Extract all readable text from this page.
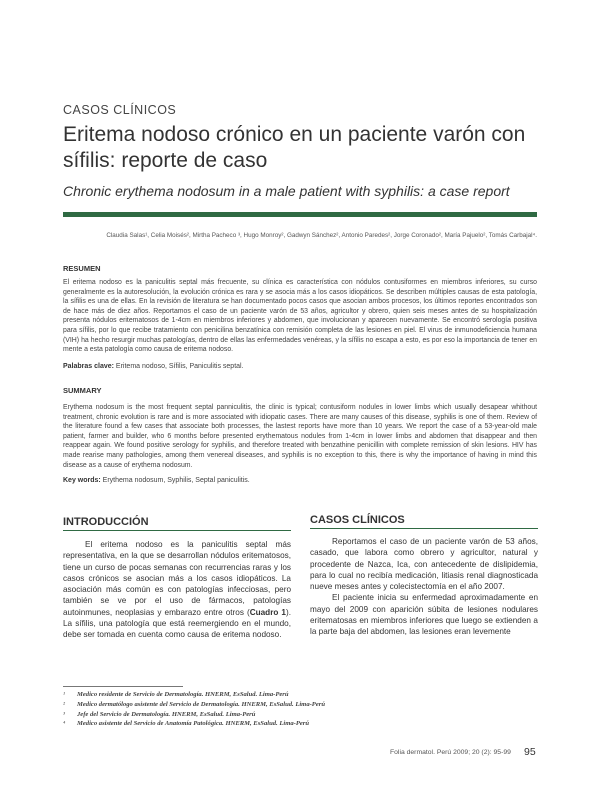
CASOS CLÍNICOS
Eritema nodoso crónico en un paciente varón con sífilis: reporte de caso
Chronic erythema nodosum in a male patient with syphilis: a case report
Claudia Salas¹, Celia Moisés², Mirtha Pacheco ³, Hugo Monroy², Gadwyn Sánchez², Antonio Paredes², Jorge Coronado², María Pajuelo², Tomás Carbajal⁴.
RESUMEN
El eritema nodoso es la paniculitis septal más frecuente, su clínica es característica con nódulos contusiformes en miembros inferiores, su curso generalmente es la autoresolución, la evolución crónica es rara y se asocia más a los casos idiopáticos. Se describen múltiples causas de esta patología, la sífilis es una de ellas. En la revisión de literatura se han documentado pocos casos que asocian ambos procesos, los últimos reportes encontrados son de hace más de diez años. Reportamos el caso de un paciente varón de 53 años, agricultor y obrero, quien seis meses antes de su hospitalización presenta nódulos eritematosos de 1-4cm en miembros inferiores y abdomen, que involucionan y aparecen nuevamente. Se encontró serología positiva para sífilis, por lo que recibe tratamiento con penicilina benzatínica con remisión completa de las lesiones en piel. El virus de inmunodeficiencia humana (VIH) ha hecho resurgir muchas patologías, dentro de ellas las enfermedades venéreas, y la sífilis no escapa a esto, es por eso la importancia de tener en mente a esta patología como causa de eritema nodoso.
Palabras clave: Eritema nodoso, Sífilis, Paniculitis septal.
SUMMARY
Erythema nodosum is the most frequent septal panniculitis, the clinic is typical; contusiform nodules in lower limbs which usually desapear whithout treatment, chronic evolution is rare and is more associated with idiopatic cases. There are many causes of this disease, syphilis is one of them. Review of the literature found a few cases that associate both processes, the lastest reports have more than 10 years. We report the case of a 53-year-old male patient, farmer and builder, who 6 months before presented erythematous nodules from 1-4cm in lower limbs and abdomen that disappear and then reappear again. We found positive serology for syphilis, and therefore treated with benzathine penicillin with complete remission of skin lesions. HIV has made rearise many pathologies, among them venereal diseases, and syphilis is no exception to this, there is why the importance of having in mind this disease as a cause of erythema nodosum.
Key words: Erythema nodosum, Syphilis, Septal paniculitis.
INTRODUCCIÓN

El eritema nodoso es la paniculitis septal más representativa, en la que se desarrollan nódulos eritematosos, tiene un curso de pocas semanas con recurrencias raras y los casos crónicos se asocian más a los casos idiopáticos. La asociación más común es con patologías infecciosas, pero también se ve por el uso de fármacos, patologías autoinmunes, neoplasias y embarazo entre otros (Cuadro 1). La sífilis, una patología que está reemergiendo en el mundo, debe ser tomada en cuenta como causa de eritema nodoso.

CASOS CLÍNICOS

Reportamos el caso de un paciente varón de 53 años, casado, que labora como obrero y agricultor, natural y procedente de Nazca, Ica, con antecedente de dislipidemia, para lo cual no recibía medicación, litiasis renal diagnosticada nueve meses antes y colecistectomía en el año 2007.

El paciente inicia su enfermedad aproximadamente en mayo del 2009 con aparición súbita de lesiones nodulares eritematosas en miembros inferiores que luego se extienden a la parte baja del abdomen, las lesiones eran levemente

¹ Medico residente de Servicio de Dermatología. HNERM, EsSalud. Lima-Perú
² Medico dermatólogo asistente del Servicio de Dermatología. HNERM, EsSalud. Lima-Perú
³ Jefe del Servicio de Dermatología. HNERM, EsSalud. Lima-Perú
⁴ Medico asistente del Servicio de Anatomía Patológica. HNERM, EsSalud. Lima-Perú
Folia dermatol. Perú 2009; 20 (2): 95-99 95
